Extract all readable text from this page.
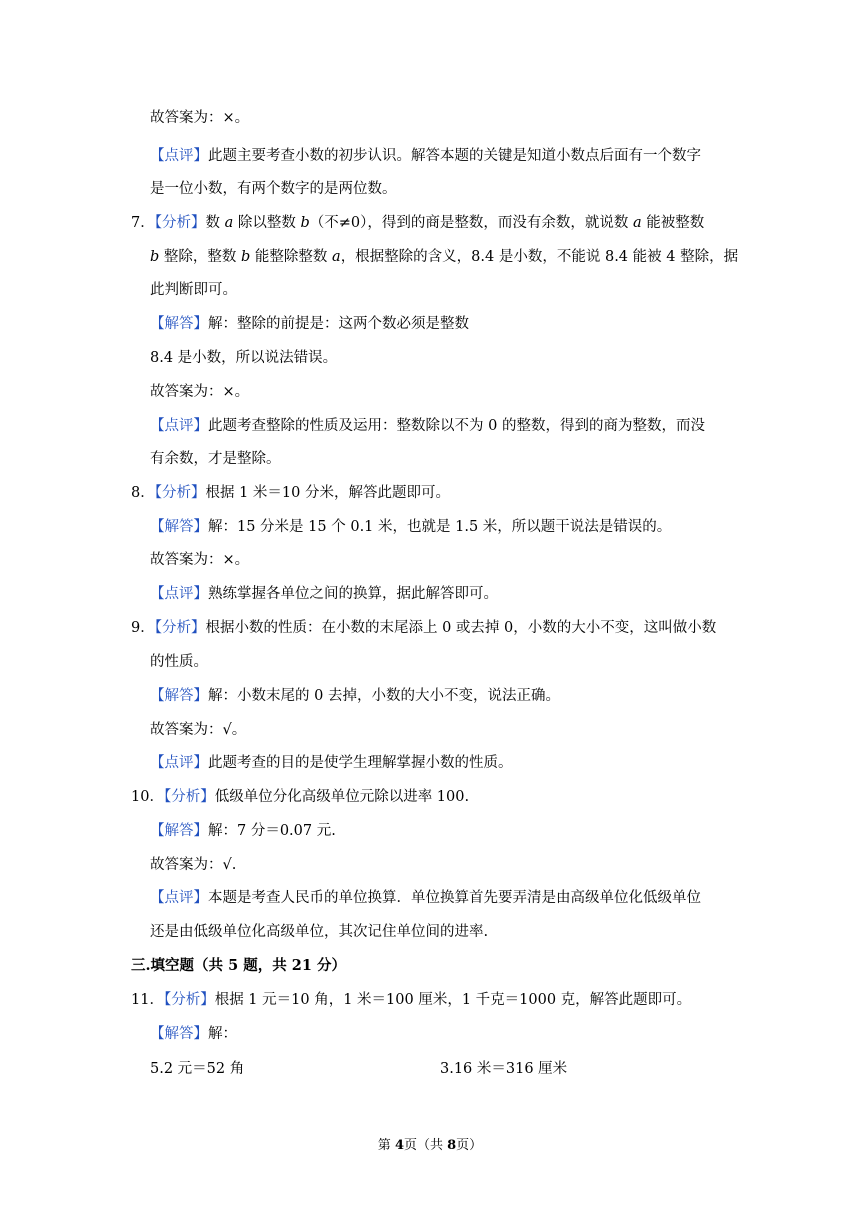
故答案为：×。
【点评】此题主要考查小数的初步认识。解答本题的关键是知道小数点后面有一个数字
是一位小数，有两个数字的是两位数。
7．【分析】数 a 除以整数 b（不≠0），得到的商是整数，而没有余数，就说数 a 能被整数
b 整除，整数 b 能整除整数 a，根据整除的含义，8.4 是小数，不能说 8.4 能被 4 整除，据
此判断即可。
【解答】解：整除的前提是：这两个数必须是整数
8.4 是小数，所以说法错误。
故答案为：×。
【点评】此题考查整除的性质及运用：整数除以不为 0 的整数，得到的商为整数，而没
有余数，才是整除。
8．【分析】根据 1 米＝10 分米，解答此题即可。
【解答】解：15 分米是 15 个 0.1 米，也就是 1.5 米，所以题干说法是错误的。
故答案为：×。
【点评】熟练掌握各单位之间的换算，据此解答即可。
9．【分析】根据小数的性质：在小数的末尾添上 0 或去掉 0，小数的大小不变，这叫做小数
的性质。
【解答】解：小数末尾的 0 去掉，小数的大小不变，说法正确。
故答案为：√。
【点评】此题考查的目的是使学生理解掌握小数的性质。
10．【分析】低级单位分化高级单位元除以进率 100.
【解答】解：7 分＝0.07 元.
故答案为：√.
【点评】本题是考查人民币的单位换算．单位换算首先要弄清是由高级单位化低级单位
还是由低级单位化高级单位，其次记住单位间的进率.
三.填空题（共 5 题，共 21 分）
11．【分析】根据 1 元＝10 角，1 米＝100 厘米，1 千克＝1000 克，解答此题即可。
【解答】解：
5.2 元＝52 角	3.16 米＝316 厘米
第 4页（共 8页）
